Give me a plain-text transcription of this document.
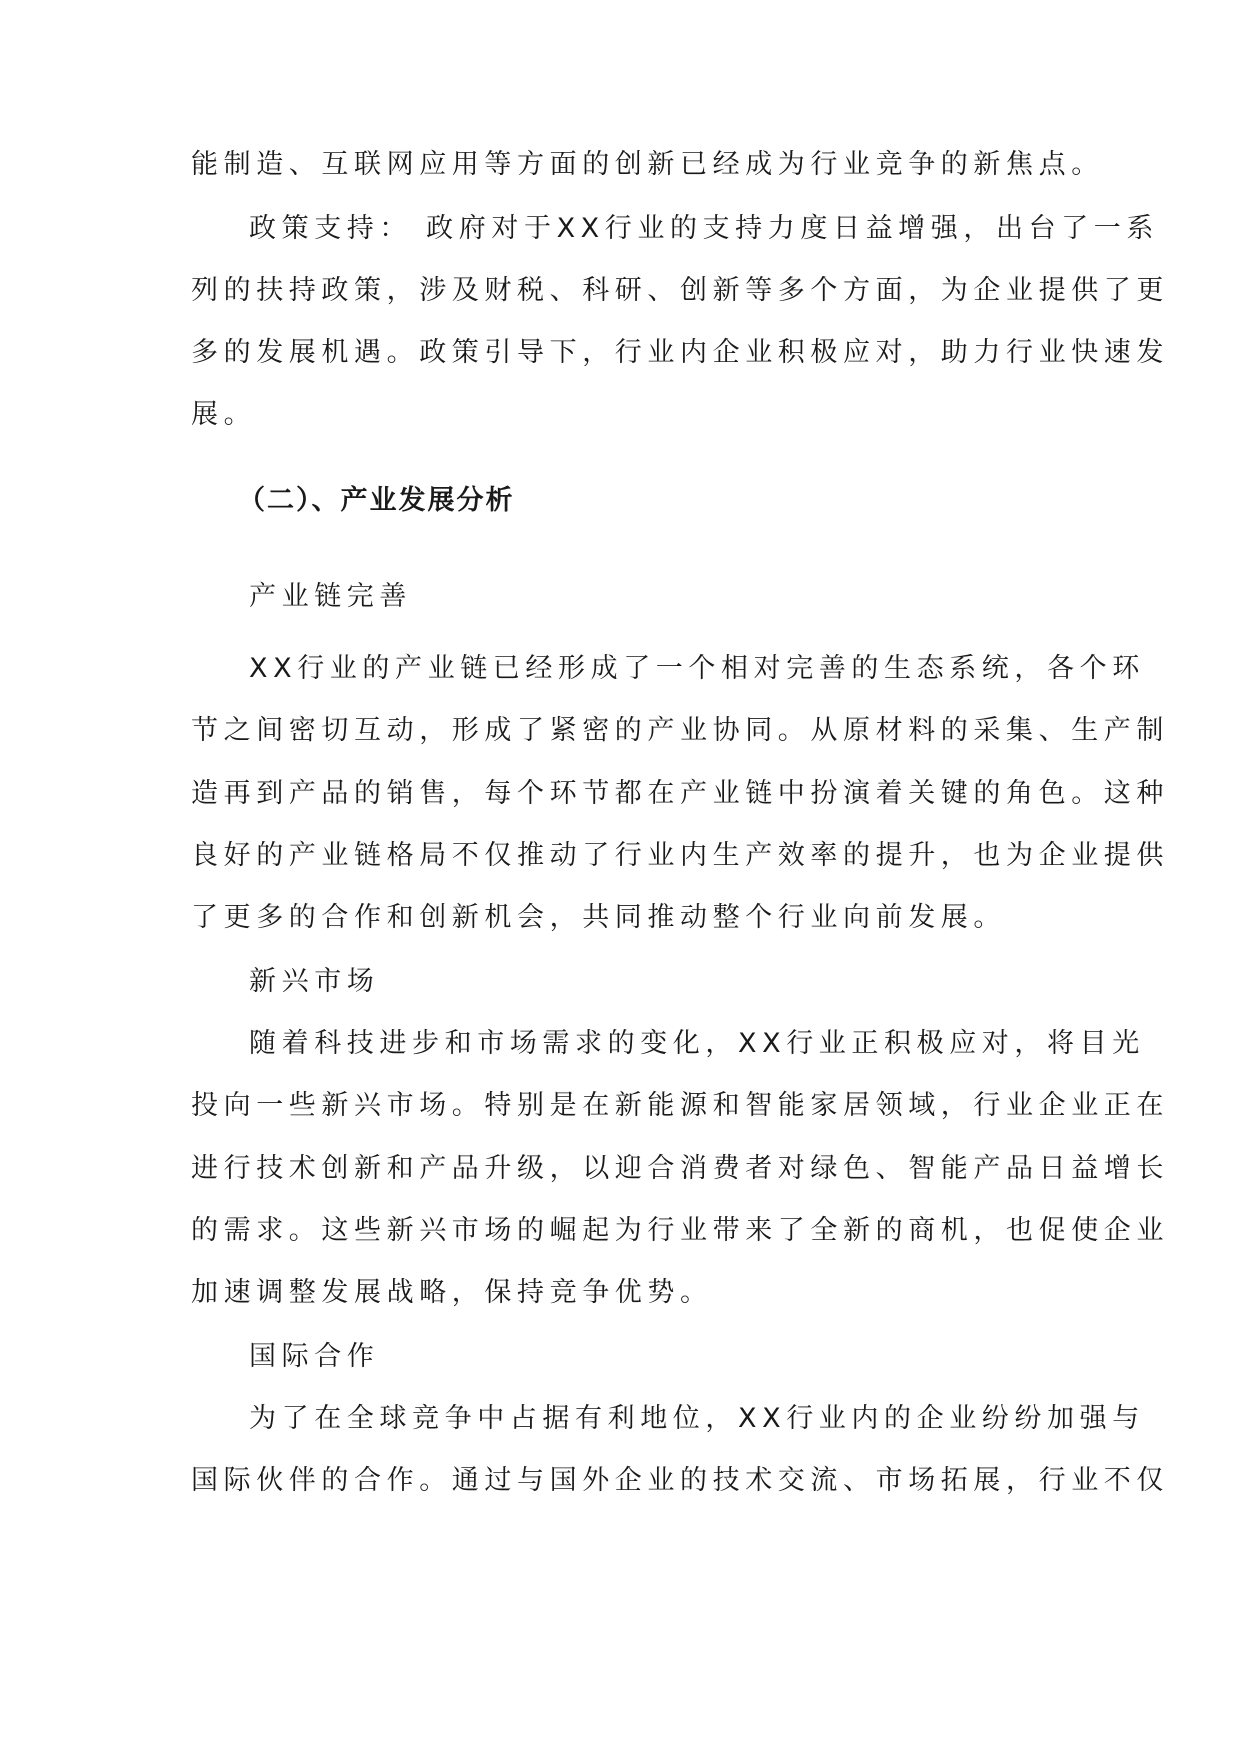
能制造、互联网应用等方面的创新已经成为行业竞争的新焦点。
政策支持： 政府对于XX行业的支持力度日益增强，出台了一系
列的扶持政策，涉及财税、科研、创新等多个方面，为企业提供了更
多的发展机遇。政策引导下，行业内企业积极应对，助力行业快速发
展。
（二）、产业发展分析
产业链完善
XX行业的产业链已经形成了一个相对完善的生态系统，各个环
节之间密切互动，形成了紧密的产业协同。从原材料的采集、生产制
造再到产品的销售，每个环节都在产业链中扮演着关键的角色。这种
良好的产业链格局不仅推动了行业内生产效率的提升，也为企业提供
了更多的合作和创新机会，共同推动整个行业向前发展。
新兴市场
随着科技进步和市场需求的变化，XX行业正积极应对，将目光
投向一些新兴市场。特别是在新能源和智能家居领域，行业企业正在
进行技术创新和产品升级，以迎合消费者对绿色、智能产品日益增长
的需求。这些新兴市场的崛起为行业带来了全新的商机，也促使企业
加速调整发展战略，保持竞争优势。
国际合作
为了在全球竞争中占据有利地位，XX行业内的企业纷纷加强与
国际伙伴的合作。通过与国外企业的技术交流、市场拓展，行业不仅
